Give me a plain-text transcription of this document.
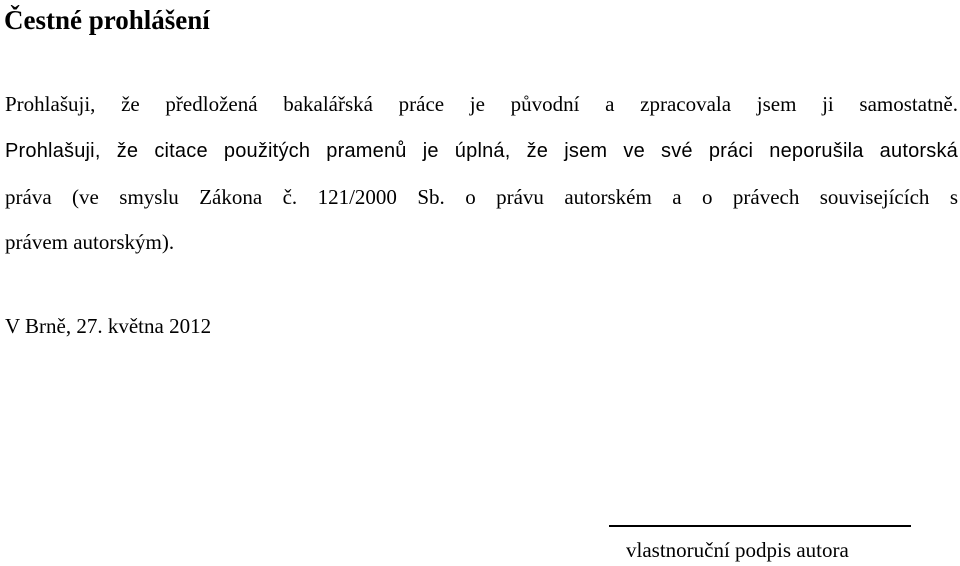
Čestné prohlášení

Prohlašuji, že předložená bakalářská práce je původní a zpracovala jsem ji samostatně.

Prohlašuji, že citace použitých pramenů je úplná, že jsem ve své práci neporušila autorská

práva (ve smyslu Zákona č. 121/2000 Sb. o právu autorském a o právech souvisejících s

právem autorským).

V Brně, 27. května 2012

vlastnoruční podpis autora
